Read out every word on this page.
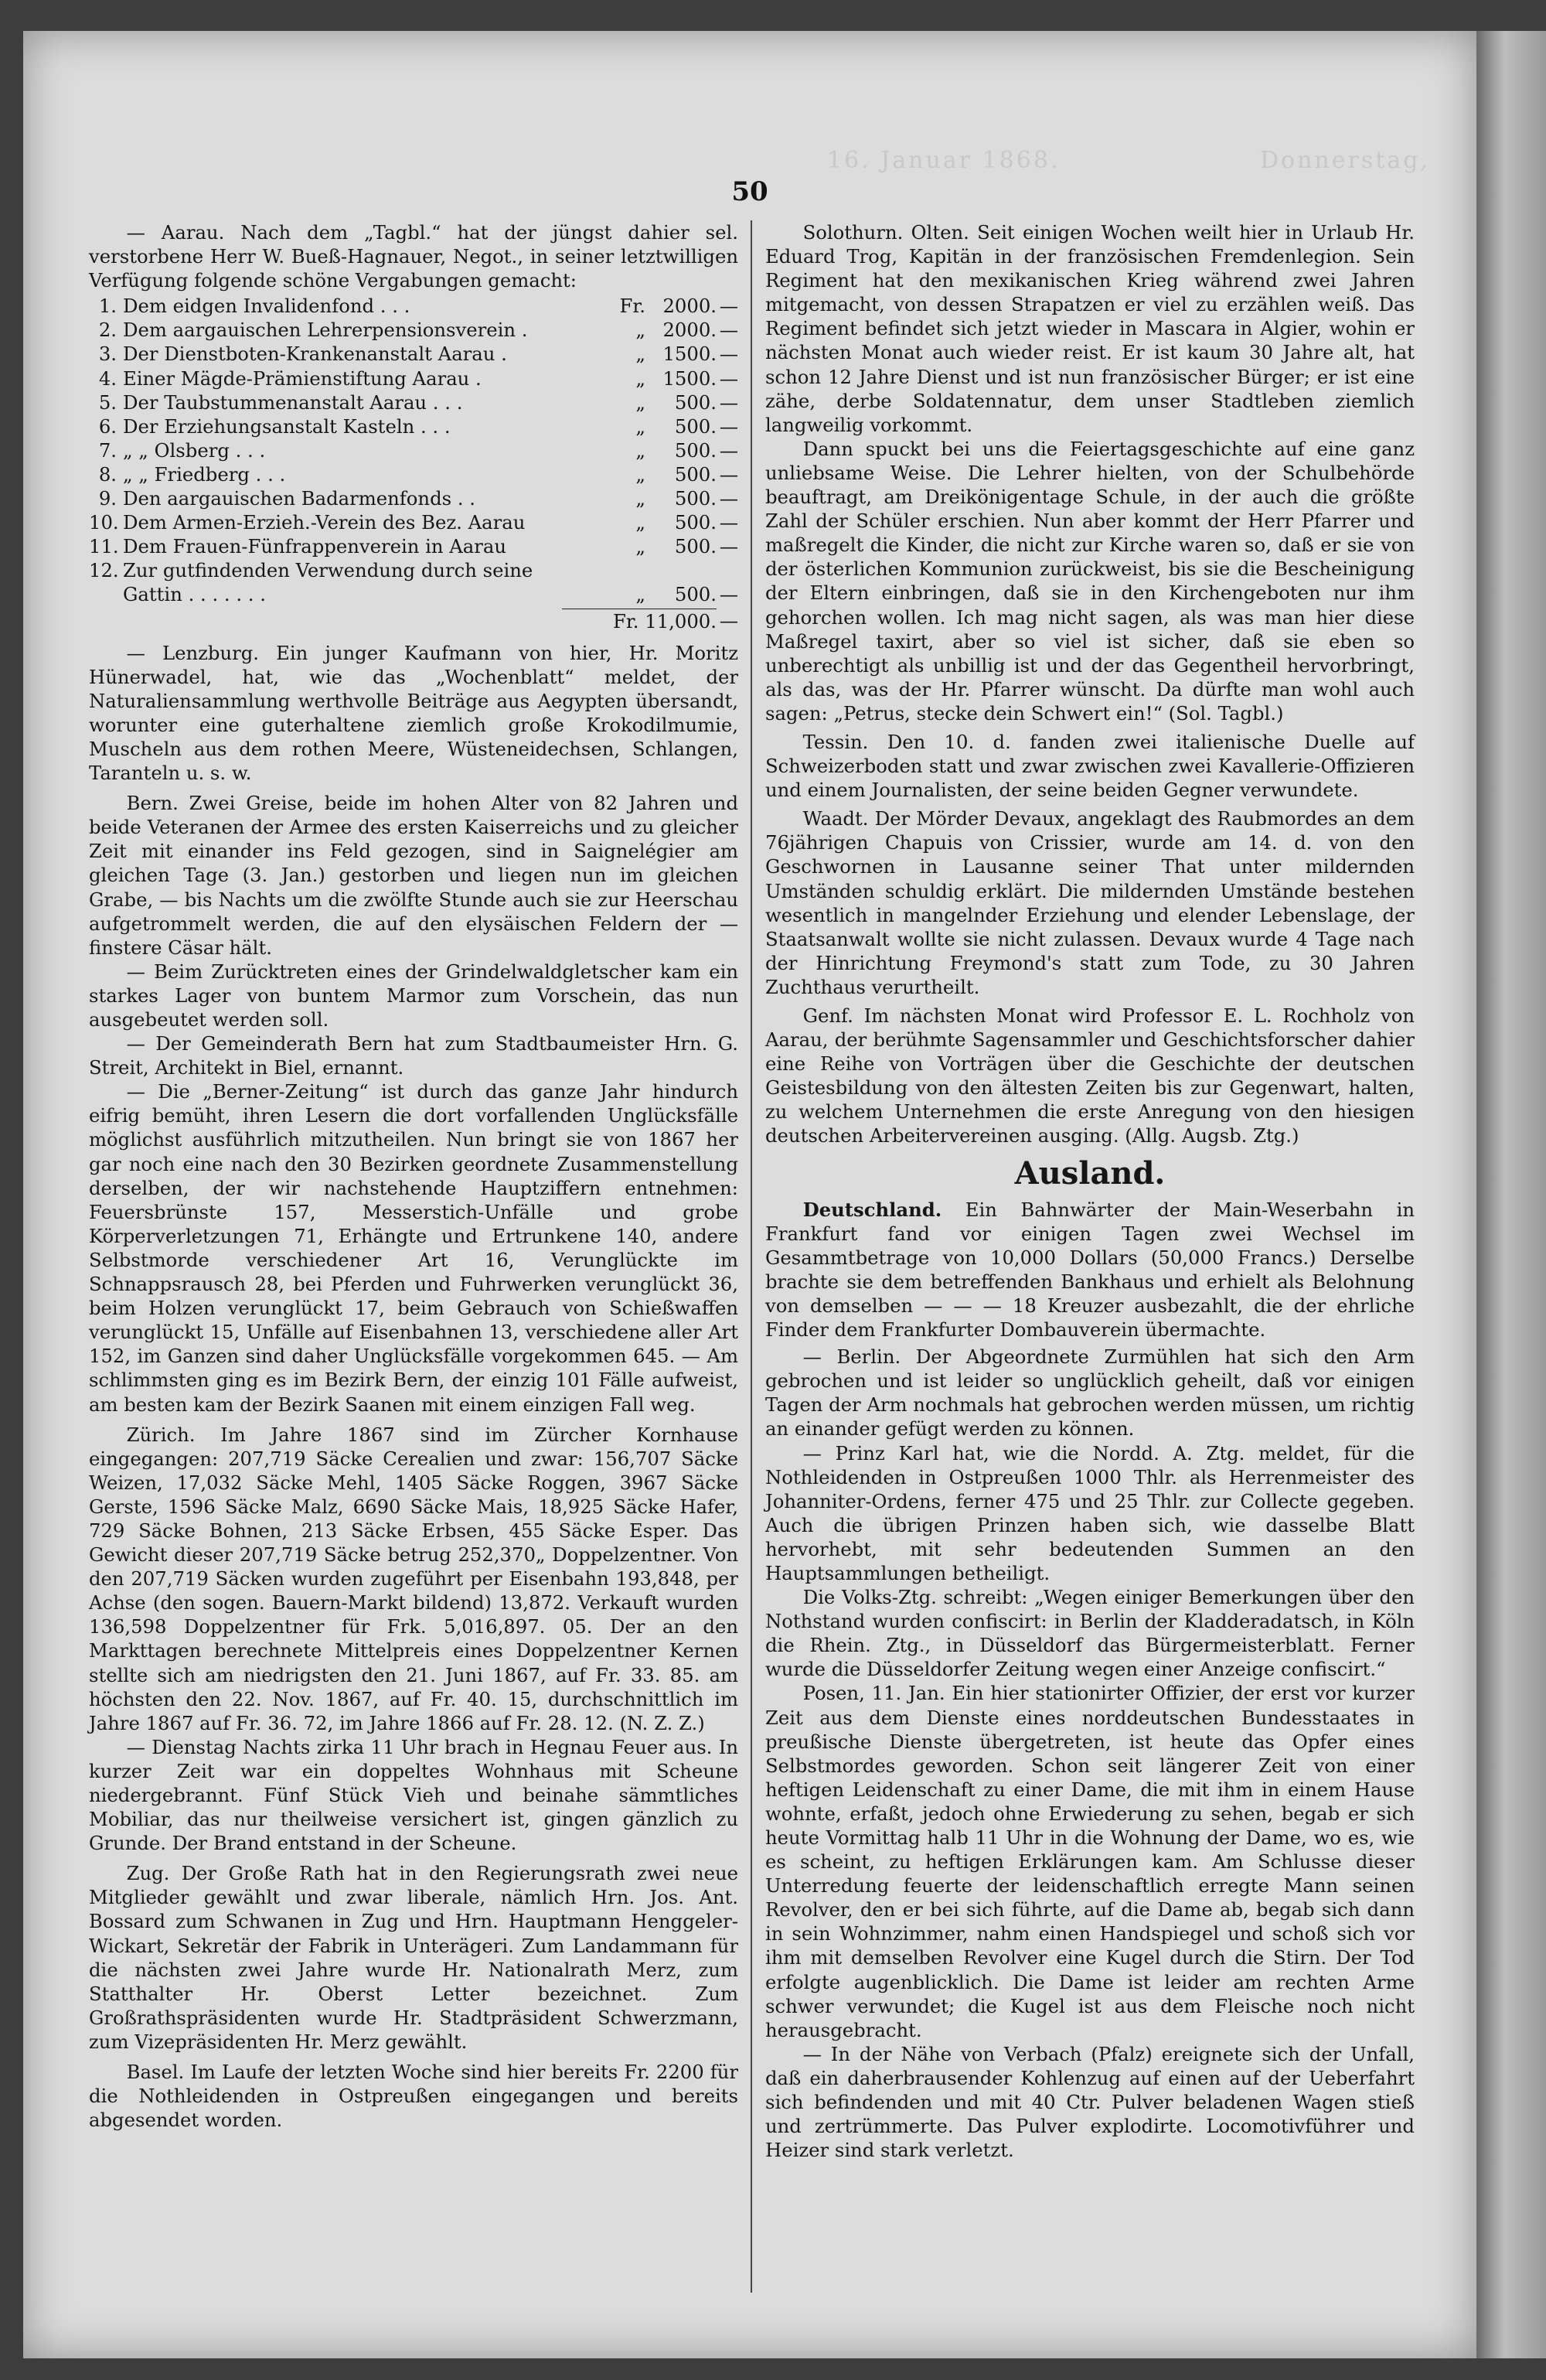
16. Januar 1868.	Donnerstag,
50

— Aarau. Nach dem „Tagbl.“ hat der jüngst dahier sel. verstorbene Herr W. Bueß-Hagnauer, Negot., in seiner letztwilligen Verfügung folgende schöne Vergabungen gemacht:

1. Dem eidgen Invalidenfond . . .	Fr. 2000. —
2. Dem aargauischen Lehrerpensionsverein .	„ 2000. —
3. Der Dienstboten-Krankenanstalt Aarau .	„ 1500. —
4. Einer Mägde-Prämienstiftung Aarau .	„ 1500. —
5. Der Taubstummenanstalt Aarau . . .	„	500. —
6. Der Erziehungsanstalt Kasteln . . .	„	500. —
7. „ „ Olsberg . . .	„	500. —
8. „ „ Friedberg . . .	„	500. —
9. Den aargauischen Badarmenfonds . .	„	500. —
10. Dem Armen-Erzieh.-Verein des Bez. Aarau	„	500. —
11. Dem Frauen-Fünfrappenverein in Aarau	„	500. —
12. Zur gutfindenden Verwendung durch seine
Gattin . . . . . . .	„	500. —
Fr. 11,000. —

— Lenzburg. Ein junger Kaufmann von hier, Hr. Moritz Hünerwadel, hat, wie das „Wochenblatt“ meldet, der Naturaliensammlung werthvolle Beiträge aus Aegypten übersandt, worunter eine guterhaltene ziemlich große Krokodilmumie, Muscheln aus dem rothen Meere, Wüsteneidechsen, Schlangen, Taranteln u. s. w.

Bern. Zwei Greise, beide im hohen Alter von 82 Jahren und beide Veteranen der Armee des ersten Kaiserreichs und zu gleicher Zeit mit einander ins Feld gezogen, sind in Saignelégier am gleichen Tage (3. Jan.) gestorben und liegen nun im gleichen Grabe, — bis Nachts um die zwölfte Stunde auch sie zur Heerschau aufgetrommelt werden, die auf den elysäischen Feldern der — finstere Cäsar hält.

— Beim Zurücktreten eines der Grindelwaldgletscher kam ein starkes Lager von buntem Marmor zum Vorschein, das nun ausgebeutet werden soll.

— Der Gemeinderath Bern hat zum Stadtbaumeister Hrn. G. Streit, Architekt in Biel, ernannt.

— Die „Berner-Zeitung“ ist durch das ganze Jahr hindurch eifrig bemüht, ihren Lesern die dort vorfallenden Unglücksfälle möglichst ausführlich mitzutheilen. Nun bringt sie von 1867 her gar noch eine nach den 30 Bezirken geordnete Zusammenstellung derselben, der wir nachstehende Hauptziffern entnehmen: Feuersbrünste 157, Messerstich-Unfälle und grobe Körperverletzungen 71, Erhängte und Ertrunkene 140, andere Selbstmorde verschiedener Art 16, Verunglückte im Schnappsrausch 28, bei Pferden und Fuhrwerken verunglückt 36, beim Holzen verunglückt 17, beim Gebrauch von Schießwaffen verunglückt 15, Unfälle auf Eisenbahnen 13, verschiedene aller Art 152, im Ganzen sind daher Unglücksfälle vorgekommen 645. — Am schlimmsten ging es im Bezirk Bern, der einzig 101 Fälle aufweist, am besten kam der Bezirk Saanen mit einem einzigen Fall weg.

Zürich. Im Jahre 1867 sind im Zürcher Kornhause eingegangen: 207,719 Säcke Cerealien und zwar: 156,707 Säcke Weizen, 17,032 Säcke Mehl, 1405 Säcke Roggen, 3967 Säcke Gerste, 1596 Säcke Malz, 6690 Säcke Mais, 18,925 Säcke Hafer, 729 Säcke Bohnen, 213 Säcke Erbsen, 455 Säcke Esper. Das Gewicht dieser 207,719 Säcke betrug 252,370„ Doppelzentner. Von den 207,719 Säcken wurden zugeführt per Eisenbahn 193,848, per Achse (den sogen. Bauern-Markt bildend) 13,872. Verkauft wurden 136,598 Doppelzentner für Frk. 5,016,897. 05. Der an den Markttagen berechnete Mittelpreis eines Doppelzentner Kernen stellte sich am niedrigsten den 21. Juni 1867, auf Fr. 33. 85. am höchsten den 22. Nov. 1867, auf Fr. 40. 15, durchschnittlich im Jahre 1867 auf Fr. 36. 72, im Jahre 1866 auf Fr. 28. 12. (N. Z. Z.)

— Dienstag Nachts zirka 11 Uhr brach in Hegnau Feuer aus. In kurzer Zeit war ein doppeltes Wohnhaus mit Scheune niedergebrannt. Fünf Stück Vieh und beinahe sämmtliches Mobiliar, das nur theilweise versichert ist, gingen gänzlich zu Grunde. Der Brand entstand in der Scheune.

Zug. Der Große Rath hat in den Regierungsrath zwei neue Mitglieder gewählt und zwar liberale, nämlich Hrn. Jos. Ant. Bossard zum Schwanen in Zug und Hrn. Hauptmann Henggeler-Wickart, Sekretär der Fabrik in Unterägeri. Zum Landammann für die nächsten zwei Jahre wurde Hr. Nationalrath Merz, zum Statthalter Hr. Oberst Letter bezeichnet. Zum Großrathspräsidenten wurde Hr. Stadtpräsident Schwerzmann, zum Vizepräsidenten Hr. Merz gewählt.

Basel. Im Laufe der letzten Woche sind hier bereits Fr. 2200 für die Nothleidenden in Ostpreußen eingegangen und bereits abgesendet worden.

Solothurn. Olten. Seit einigen Wochen weilt hier in Urlaub Hr. Eduard Trog, Kapitän in der französischen Fremdenlegion. Sein Regiment hat den mexikanischen Krieg während zwei Jahren mitgemacht, von dessen Strapatzen er viel zu erzählen weiß. Das Regiment befindet sich jetzt wieder in Mascara in Algier, wohin er nächsten Monat auch wieder reist. Er ist kaum 30 Jahre alt, hat schon 12 Jahre Dienst und ist nun französischer Bürger; er ist eine zähe, derbe Soldatennatur, dem unser Stadtleben ziemlich langweilig vorkommt.

Dann spuckt bei uns die Feiertagsgeschichte auf eine ganz unliebsame Weise. Die Lehrer hielten, von der Schulbehörde beauftragt, am Dreikönigentage Schule, in der auch die größte Zahl der Schüler erschien. Nun aber kommt der Herr Pfarrer und maßregelt die Kinder, die nicht zur Kirche waren so, daß er sie von der österlichen Kommunion zurückweist, bis sie die Bescheinigung der Eltern einbringen, daß sie in den Kirchengeboten nur ihm gehorchen wollen. Ich mag nicht sagen, als was man hier diese Maßregel taxirt, aber so viel ist sicher, daß sie eben so unberechtigt als unbillig ist und der das Gegentheil hervorbringt, als das, was der Hr. Pfarrer wünscht. Da dürfte man wohl auch sagen: „Petrus, stecke dein Schwert ein!“ (Sol. Tagbl.)

Tessin. Den 10. d. fanden zwei italienische Duelle auf Schweizerboden statt und zwar zwischen zwei Kavallerie-Offizieren und einem Journalisten, der seine beiden Gegner verwundete.

Waadt. Der Mörder Devaux, angeklagt des Raubmordes an dem 76jährigen Chapuis von Crissier, wurde am 14. d. von den Geschwornen in Lausanne seiner That unter mildernden Umständen schuldig erklärt. Die mildernden Umstände bestehen wesentlich in mangelnder Erziehung und elender Lebenslage, der Staatsanwalt wollte sie nicht zulassen. Devaux wurde 4 Tage nach der Hinrichtung Freymond's statt zum Tode, zu 30 Jahren Zuchthaus verurtheilt.

Genf. Im nächsten Monat wird Professor E. L. Rochholz von Aarau, der berühmte Sagensammler und Geschichtsforscher dahier eine Reihe von Vorträgen über die Geschichte der deutschen Geistesbildung von den ältesten Zeiten bis zur Gegenwart, halten, zu welchem Unternehmen die erste Anregung von den hiesigen deutschen Arbeitervereinen ausging. (Allg. Augsb. Ztg.)

Ausland.

Deutschland. Ein Bahnwärter der Main-Weserbahn in Frankfurt fand vor einigen Tagen zwei Wechsel im Gesammtbetrage von 10,000 Dollars (50,000 Francs.) Derselbe brachte sie dem betreffenden Bankhaus und erhielt als Belohnung von demselben — — — 18 Kreuzer ausbezahlt, die der ehrliche Finder dem Frankfurter Dombauverein übermachte.

— Berlin. Der Abgeordnete Zurmühlen hat sich den Arm gebrochen und ist leider so unglücklich geheilt, daß vor einigen Tagen der Arm nochmals hat gebrochen werden müssen, um richtig an einander gefügt werden zu können.

— Prinz Karl hat, wie die Nordd. A. Ztg. meldet, für die Nothleidenden in Ostpreußen 1000 Thlr. als Herrenmeister des Johanniter-Ordens, ferner 475 und 25 Thlr. zur Collecte gegeben. Auch die übrigen Prinzen haben sich, wie dasselbe Blatt hervorhebt, mit sehr bedeutenden Summen an den Hauptsammlungen betheiligt.

Die Volks-Ztg. schreibt: „Wegen einiger Bemerkungen über den Nothstand wurden confiscirt: in Berlin der Kladderadatsch, in Köln die Rhein. Ztg., in Düsseldorf das Bürgermeisterblatt. Ferner wurde die Düsseldorfer Zeitung wegen einer Anzeige confiscirt.“

Posen, 11. Jan. Ein hier stationirter Offizier, der erst vor kurzer Zeit aus dem Dienste eines norddeutschen Bundesstaates in preußische Dienste übergetreten, ist heute das Opfer eines Selbstmordes geworden. Schon seit längerer Zeit von einer heftigen Leidenschaft zu einer Dame, die mit ihm in einem Hause wohnte, erfaßt, jedoch ohne Erwiederung zu sehen, begab er sich heute Vormittag halb 11 Uhr in die Wohnung der Dame, wo es, wie es scheint, zu heftigen Erklärungen kam. Am Schlusse dieser Unterredung feuerte der leidenschaftlich erregte Mann seinen Revolver, den er bei sich führte, auf die Dame ab, begab sich dann in sein Wohnzimmer, nahm einen Handspiegel und schoß sich vor ihm mit demselben Revolver eine Kugel durch die Stirn. Der Tod erfolgte augenblicklich. Die Dame ist leider am rechten Arme schwer verwundet; die Kugel ist aus dem Fleische noch nicht herausgebracht.

— In der Nähe von Verbach (Pfalz) ereignete sich der Unfall, daß ein daherbrausender Kohlenzug auf einen auf der Ueberfahrt sich befindenden und mit 40 Ctr. Pulver beladenen Wagen stieß und zertrümmerte. Das Pulver explodirte. Locomotivführer und Heizer sind stark verletzt.
